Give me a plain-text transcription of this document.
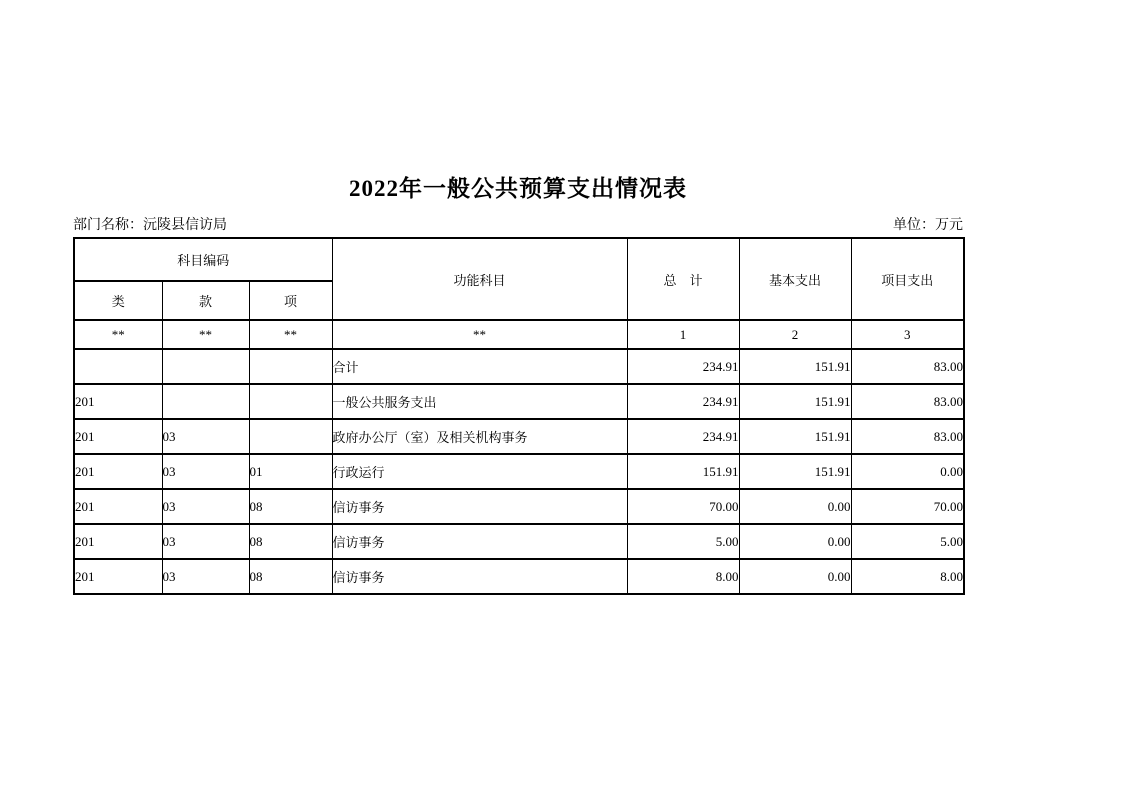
2022年一般公共预算支出情况表
部门名称：沅陵县信访局	单位：万元
科目编码			功能科目	总　计	基本支出	项目支出
类	款	项				
**	**	**	**	1	2	3
			合计	234.91	151.91	83.00
201			一般公共服务支出	234.91	151.91	83.00
201	03		政府办公厅（室）及相关机构事务	234.91	151.91	83.00
201	03	01	行政运行	151.91	151.91	0.00
201	03	08	信访事务	70.00	0.00	70.00
201	03	08	信访事务	5.00	0.00	5.00
201	03	08	信访事务	8.00	0.00	8.00
